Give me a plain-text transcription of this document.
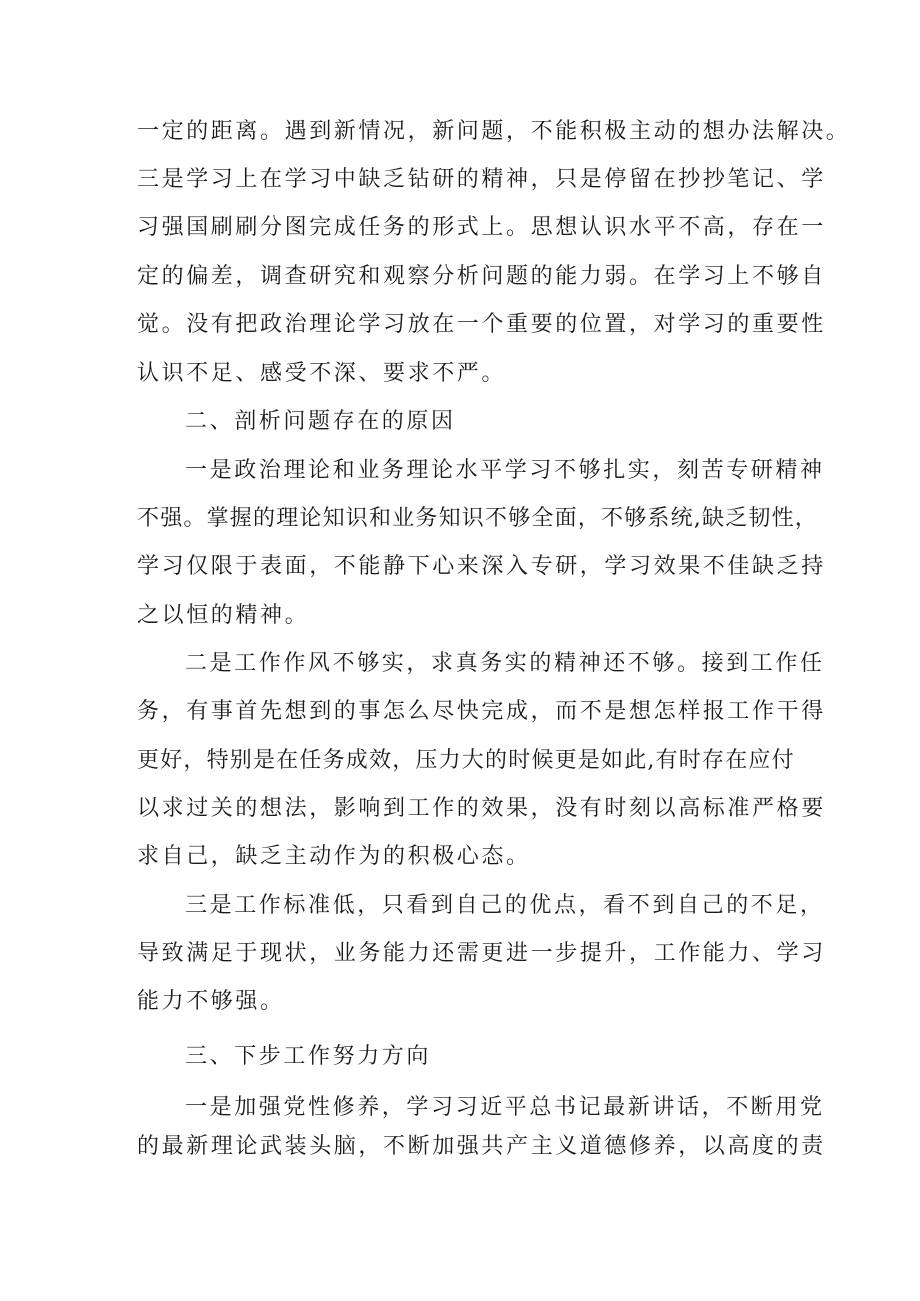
一定的距离。遇到新情况，新问题，不能积极主动的想办法解决。
三是学习上在学习中缺乏钻研的精神，只是停留在抄抄笔记、学
习强国刷刷分图完成任务的形式上。思想认识水平不高，存在一
定的偏差，调查研究和观察分析问题的能力弱。在学习上不够自
觉。没有把政治理论学习放在一个重要的位置，对学习的重要性
认识不足、感受不深、要求不严。
二、剖析问题存在的原因
一是政治理论和业务理论水平学习不够扎实，刻苦专研精神
不强。掌握的理论知识和业务知识不够全面，不够系统,缺乏韧性，
学习仅限于表面，不能静下心来深入专研，学习效果不佳缺乏持
之以恒的精神。
二是工作作风不够实，求真务实的精神还不够。接到工作任
务，有事首先想到的事怎么尽快完成，而不是想怎样报工作干得
更好，特别是在任务成效，压力大的时候更是如此,有时存在应付
以求过关的想法，影响到工作的效果，没有时刻以高标准严格要
求自己，缺乏主动作为的积极心态。
三是工作标准低，只看到自己的优点，看不到自己的不足，
导致满足于现状，业务能力还需更进一步提升，工作能力、学习
能力不够强。
三、下步工作努力方向
一是加强党性修养，学习习近平总书记最新讲话，不断用党
的最新理论武装头脑，不断加强共产主义道德修养，以高度的责
